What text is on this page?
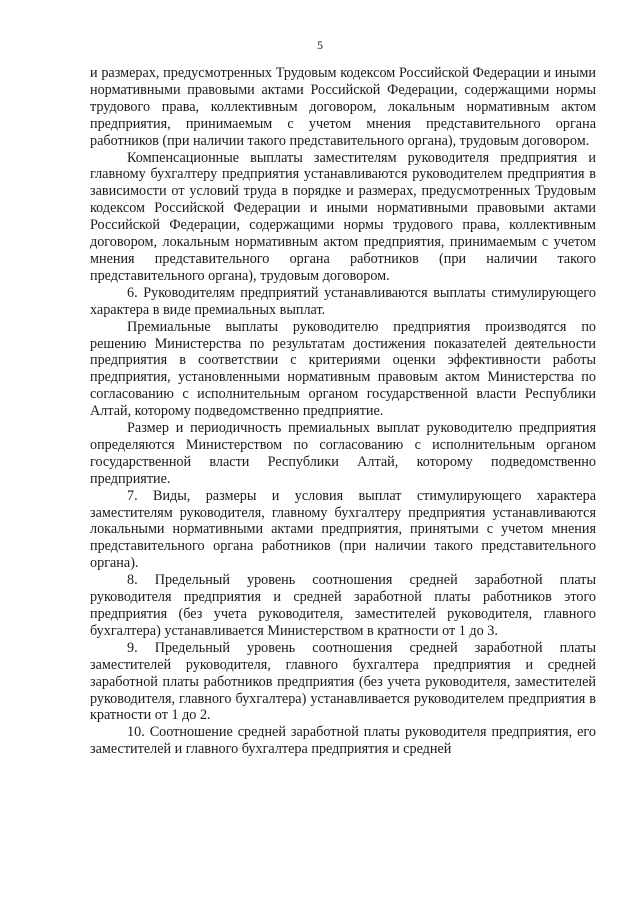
5

и размерах, предусмотренных Трудовым кодексом Российской Федерации и иными нормативными правовыми актами Российской Федерации, содержащими нормы трудового права, коллективным договором, локальным нормативным актом предприятия, принимаемым с учетом мнения представительного органа работников (при наличии такого представительного органа), трудовым договором.

Компенсационные выплаты заместителям руководителя предприятия и главному бухгалтеру предприятия устанавливаются руководителем предприятия в зависимости от условий труда в порядке и размерах, предусмотренных Трудовым кодексом Российской Федерации и иными нормативными правовыми актами Российской Федерации, содержащими нормы трудового права, коллективным договором, локальным нормативным актом предприятия, принимаемым с учетом мнения представительного органа работников (при наличии такого представительного органа), трудовым договором.

6. Руководителям предприятий устанавливаются выплаты стимулирующего характера в виде премиальных выплат.

Премиальные выплаты руководителю предприятия производятся по решению Министерства по результатам достижения показателей деятельности предприятия в соответствии с критериями оценки эффективности работы предприятия, установленными нормативным правовым актом Министерства по согласованию с исполнительным органом государственной власти Республики Алтай, которому подведомственно предприятие.

Размер и периодичность премиальных выплат руководителю предприятия определяются Министерством по согласованию с исполнительным органом государственной власти Республики Алтай, которому подведомственно предприятие.

7. Виды, размеры и условия выплат стимулирующего характера заместителям руководителя, главному бухгалтеру предприятия устанавливаются локальными нормативными актами предприятия, принятыми с учетом мнения представительного органа работников (при наличии такого представительного органа).

8. Предельный уровень соотношения средней заработной платы руководителя предприятия и средней заработной платы работников этого предприятия (без учета руководителя, заместителей руководителя, главного бухгалтера) устанавливается Министерством в кратности от 1 до 3.

9. Предельный уровень соотношения средней заработной платы заместителей руководителя, главного бухгалтера предприятия и средней заработной платы работников предприятия (без учета руководителя, заместителей руководителя, главного бухгалтера) устанавливается руководителем предприятия в кратности от 1 до 2.

10. Соотношение средней заработной платы руководителя предприятия, его заместителей и главного бухгалтера предприятия и средней
